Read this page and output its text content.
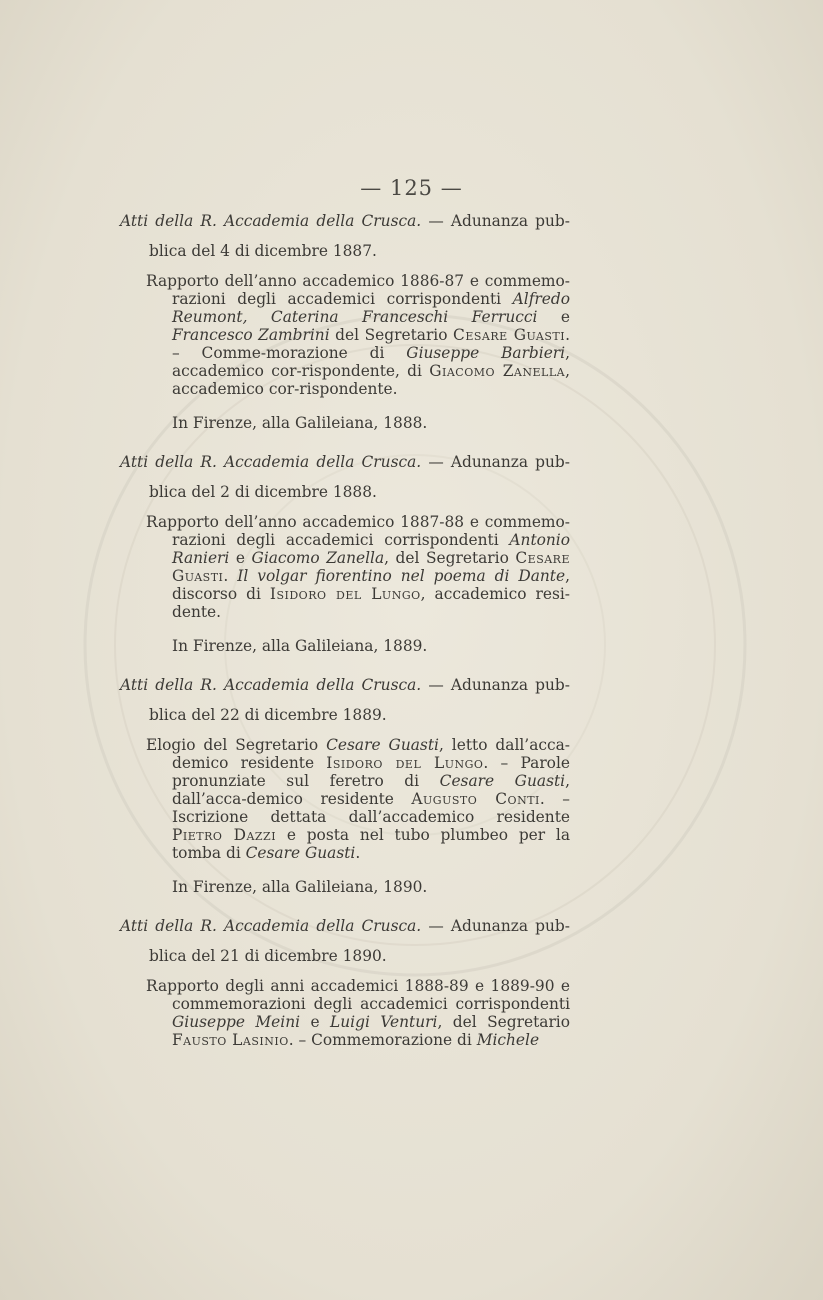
— 125 —
Atti della R. Accademia della Crusca. — Adunanza pub-
blica del 4 di dicembre 1887.
Rapporto dell’anno accademico 1886-87 e commemo-razioni degli accademici corrispondenti Alfredo Reumont, Caterina Franceschi Ferrucci e Francesco Zambrini del Segretario Cesare Guasti. – Comme-morazione di Giuseppe Barbieri, accademico cor-rispondente, di Giacomo Zanella, accademico cor-rispondente.
In Firenze, alla Galileiana, 1888.
Atti della R. Accademia della Crusca. — Adunanza pub-
blica del 2 di dicembre 1888.
Rapporto dell’anno accademico 1887-88 e commemo-razioni degli accademici corrispondenti Antonio Ranieri e Giacomo Zanella, del Segretario Cesare Guasti. Il volgar fiorentino nel poema di Dante, discorso di Isidoro del Lungo, accademico resi-dente.
In Firenze, alla Galileiana, 1889.
Atti della R. Accademia della Crusca. — Adunanza pub-
blica del 22 di dicembre 1889.
Elogio del Segretario Cesare Guasti, letto dall’acca-demico residente Isidoro del Lungo. – Parole pronunziate sul feretro di Cesare Guasti, dall’acca-demico residente Augusto Conti. – Iscrizione dettata dall’accademico residente Pietro Dazzi e posta nel tubo plumbeo per la tomba di Cesare Guasti.
In Firenze, alla Galileiana, 1890.
Atti della R. Accademia della Crusca. — Adunanza pub-
blica del 21 di dicembre 1890.
Rapporto degli anni accademici 1888-89 e 1889-90 e commemorazioni degli accademici corrispondenti Giuseppe Meini e Luigi Venturi, del Segretario Fausto Lasinio. – Commemorazione di Michele
